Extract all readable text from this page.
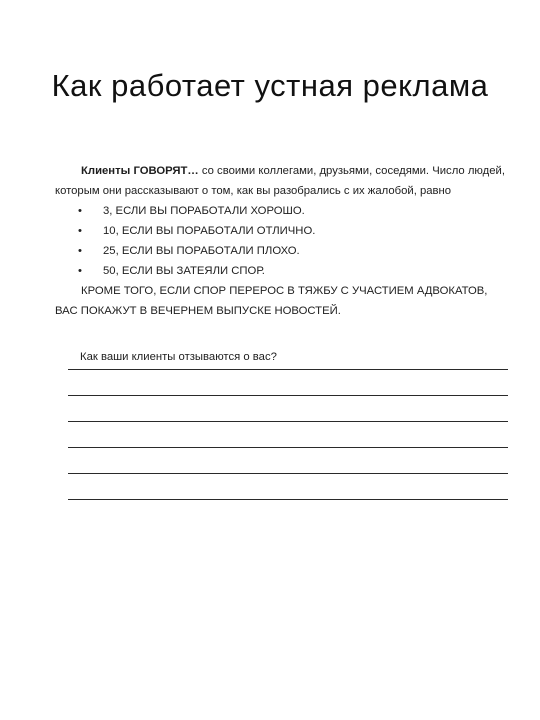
Как работает устная реклама

Клиенты ГОВОРЯТ… со своими коллегами, друзьями, соседями. Число людей, которым они рассказывают о том, как вы разобрались с их жалобой, равно

• 3, ЕСЛИ ВЫ ПОРАБОТАЛИ ХОРОШО.
• 10, ЕСЛИ ВЫ ПОРАБОТАЛИ ОТЛИЧНО.
• 25, ЕСЛИ ВЫ ПОРАБОТАЛИ ПЛОХО.
• 50, ЕСЛИ ВЫ ЗАТЕЯЛИ СПОР.

КРОМЕ ТОГО, ЕСЛИ СПОР ПЕРЕРОС В ТЯЖБУ С УЧАСТИЕМ АДВОКАТОВ, ВАС ПОКАЖУТ В ВЕЧЕРНЕМ ВЫПУСКЕ НОВОСТЕЙ.

Как ваши клиенты отзываются о вас?
